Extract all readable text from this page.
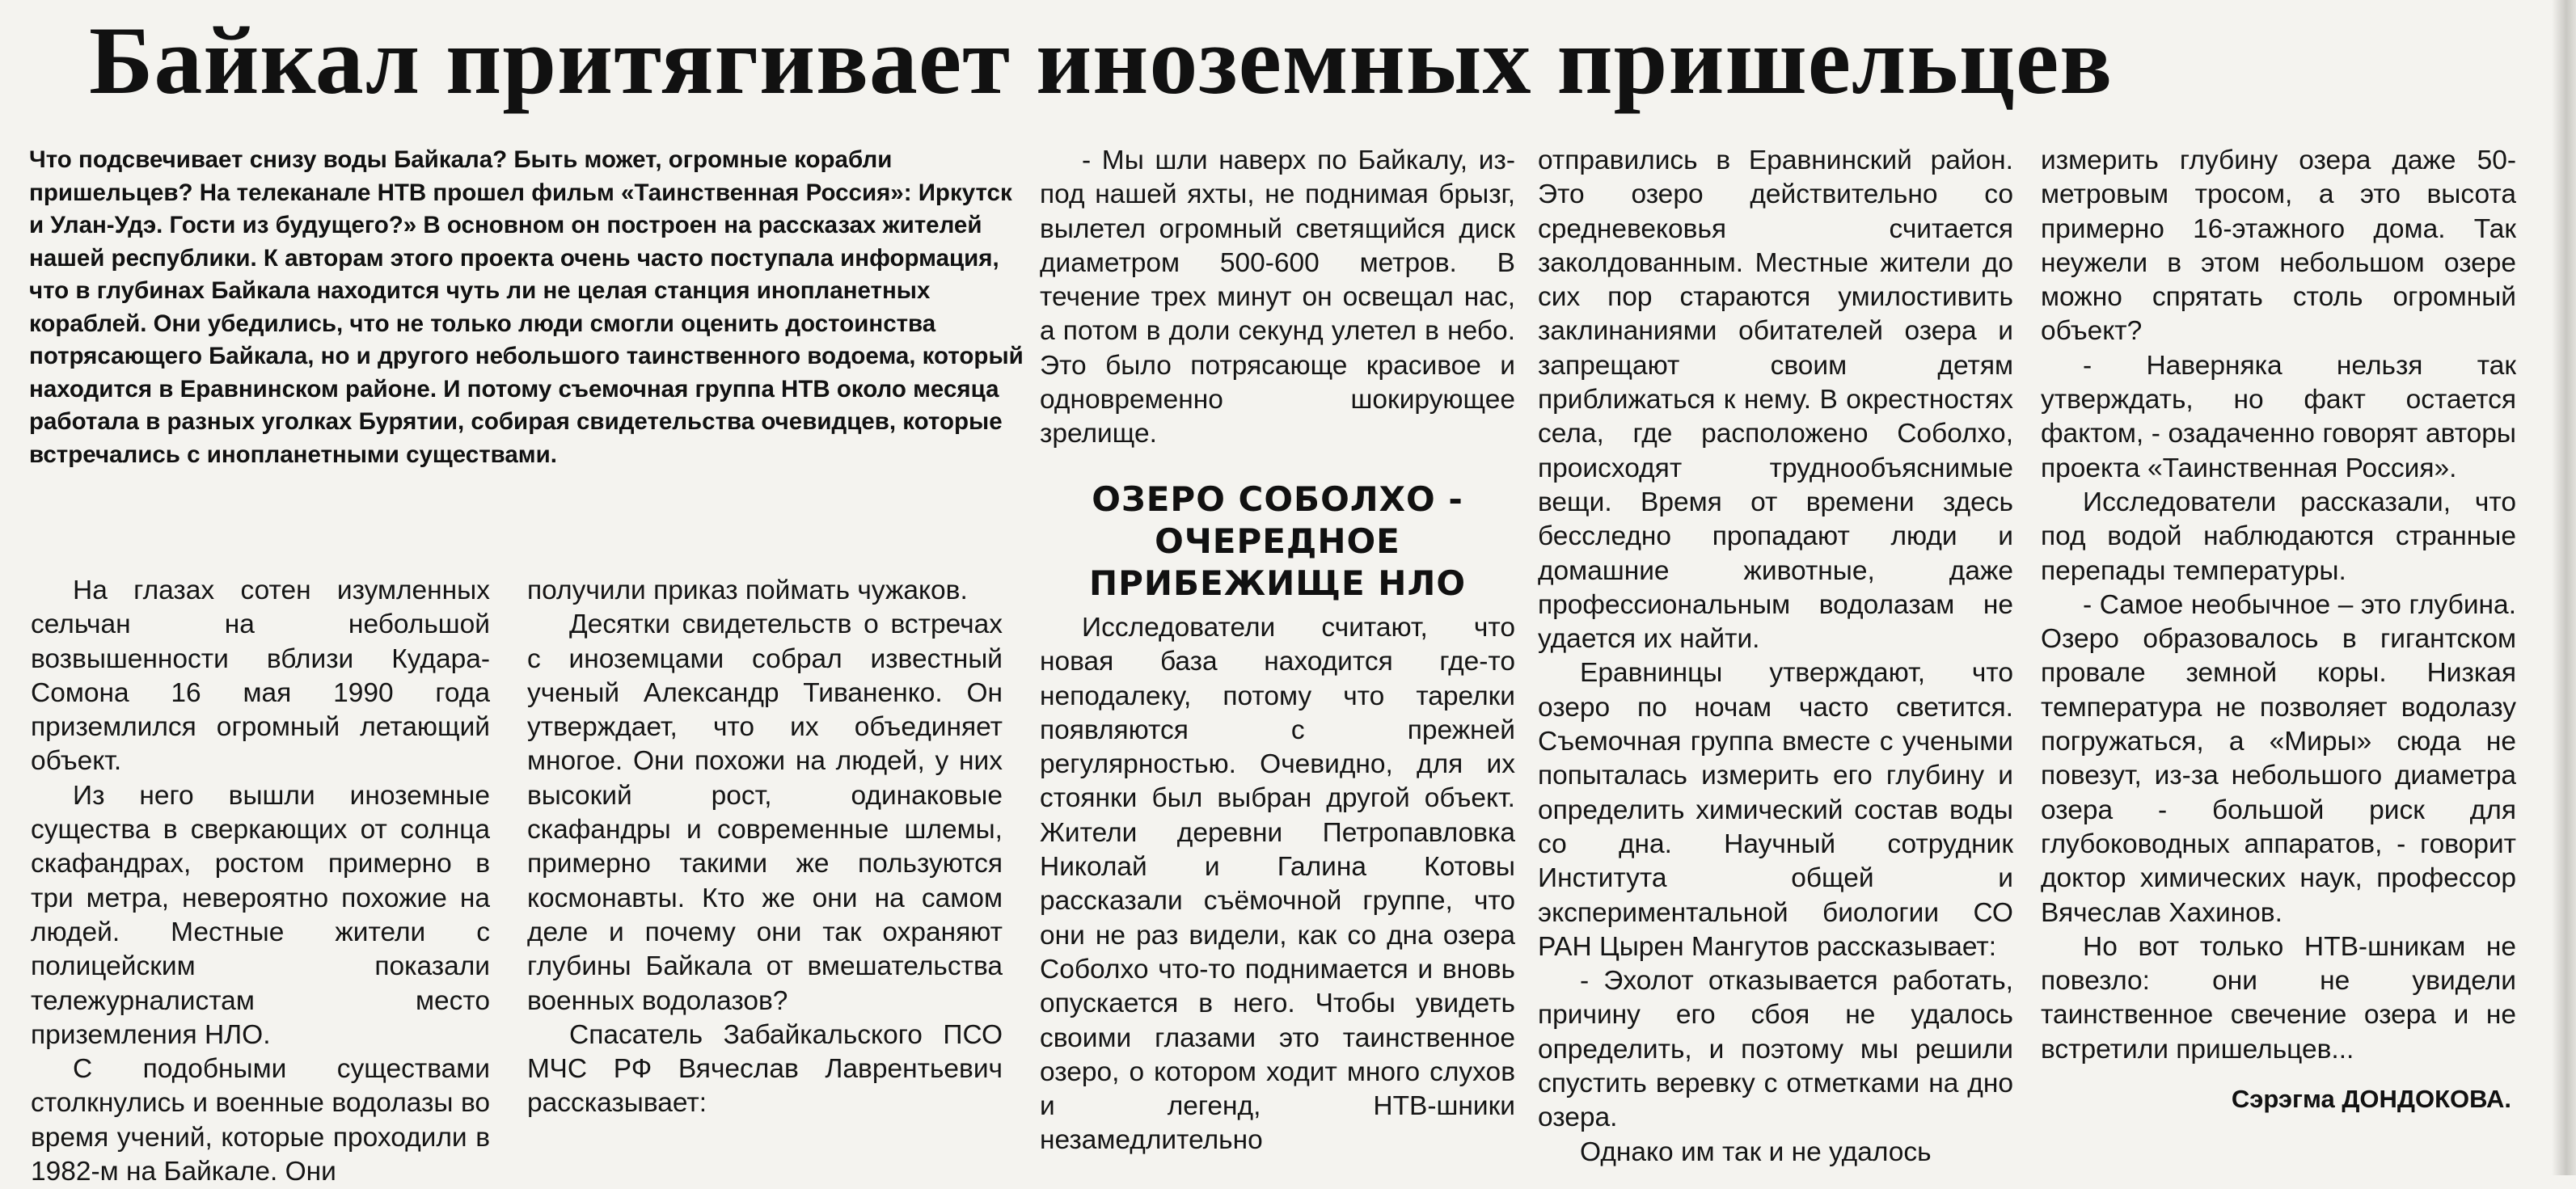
Байкал притягивает иноземных пришельцев
Что подсвечивает снизу воды Байкала? Быть может, огромные корабли пришельцев? На телеканале НТВ прошел фильм «Таинственная Россия»: Иркутск и Улан-Удэ. Гости из будущего?» В основном он построен на рассказах жителей нашей республики. К авторам этого проекта очень часто поступала информация, что в глубинах Байкала находится чуть ли не целая станция инопланетных кораблей. Они убедились, что не только люди смогли оценить достоинства потрясающего Байкала, но и другого небольшого таинственного водоема, который находится в Еравнинском районе. И потому съемочная группа НТВ около месяца работала в разных уголках Бурятии, собирая свидетельства очевидцев, которые встречались с инопланетными существами.

На глазах сотен изумленных сельчан на небольшой возвышенности вблизи Кудара-Сомона 16 мая 1990 года приземлился огромный летающий объект.

Из него вышли иноземные существа в сверкающих от солнца скафандрах, ростом примерно в три метра, невероятно похожие на людей. Местные жители с полицейским показали тележурналистам место приземления НЛО.

С подобными существами столкнулись и военные водолазы во время учений, которые проходили в 1982-м на Байкале. Они

получили приказ поймать чужаков.

Десятки свидетельств о встречах с иноземцами собрал известный ученый Александр Тиваненко. Он утверждает, что их объединяет многое. Они похожи на людей, у них высокий рост, одинаковые скафандры и современные шлемы, примерно такими же пользуются космонавты. Кто же они на самом деле и почему они так охраняют глубины Байкала от вмешательства военных водолазов?

Спасатель Забайкальского ПСО МЧС РФ Вячеслав Лаврентьевич рассказывает:

- Мы шли наверх по Байкалу, из-под нашей яхты, не поднимая брызг, вылетел огромный светящийся диск диаметром 500-600 метров. В течение трех минут он освещал нас, а потом в доли секунд улетел в небо. Это было потрясающе красивое и одновременно шокирующее зрелище.

ОЗЕРО СОБОЛХО - ОЧЕРЕДНОЕ ПРИБЕЖИЩЕ НЛО

Исследователи считают, что новая база находится где-то неподалеку, потому что тарелки появляются с прежней регулярностью. Очевидно, для их стоянки был выбран другой объект. Жители деревни Петропавловка Николай и Галина Котовы рассказали съёмочной группе, что они не раз видели, как со дна озера Соболхо что-то поднимается и вновь опускается в него. Чтобы увидеть своими глазами это таинственное озеро, о котором ходит много слухов и легенд, НТВ-шники незамедлительно

отправились в Еравнинский район. Это озеро действительно со средневековья считается заколдованным. Местные жители до сих пор стараются умилостивить заклинаниями обитателей озера и запрещают своим детям приближаться к нему. В окрестностях села, где расположено Соболхо, происходят труднообъяснимые вещи. Время от времени здесь бесследно пропадают люди и домашние животные, даже профессиональным водолазам не удается их найти.

Еравнинцы утверждают, что озеро по ночам часто светится. Съемочная группа вместе с учеными попыталась измерить его глубину и определить химический состав воды со дна. Научный сотрудник Института общей и экспериментальной биологии СО РАН Цырен Мангутов рассказывает:

- Эхолот отказывается работать, причину его сбоя не удалось определить, и поэтому мы решили спустить веревку с отметками на дно озера.

Однако им так и не удалось

измерить глубину озера даже 50-метровым тросом, а это высота примерно 16-этажного дома. Так неужели в этом небольшом озере можно спрятать столь огромный объект?

- Наверняка нельзя так утверждать, но факт остается фактом, - озадаченно говорят авторы проекта «Таинственная Россия».

Исследователи рассказали, что под водой наблюдаются странные перепады температуры.

- Самое необычное – это глубина. Озеро образовалось в гигантском провале земной коры. Низкая температура не позволяет водолазу погружаться, а «Миры» сюда не повезут, из-за небольшого диаметра озера - большой риск для глубоководных аппаратов, - говорит доктор химических наук, профессор Вячеслав Хахинов.

Но вот только НТВ-шникам не повезло: они не увидели таинственное свечение озера и не встретили пришельцев...

Сэрэгма ДОНДОКОВА.
